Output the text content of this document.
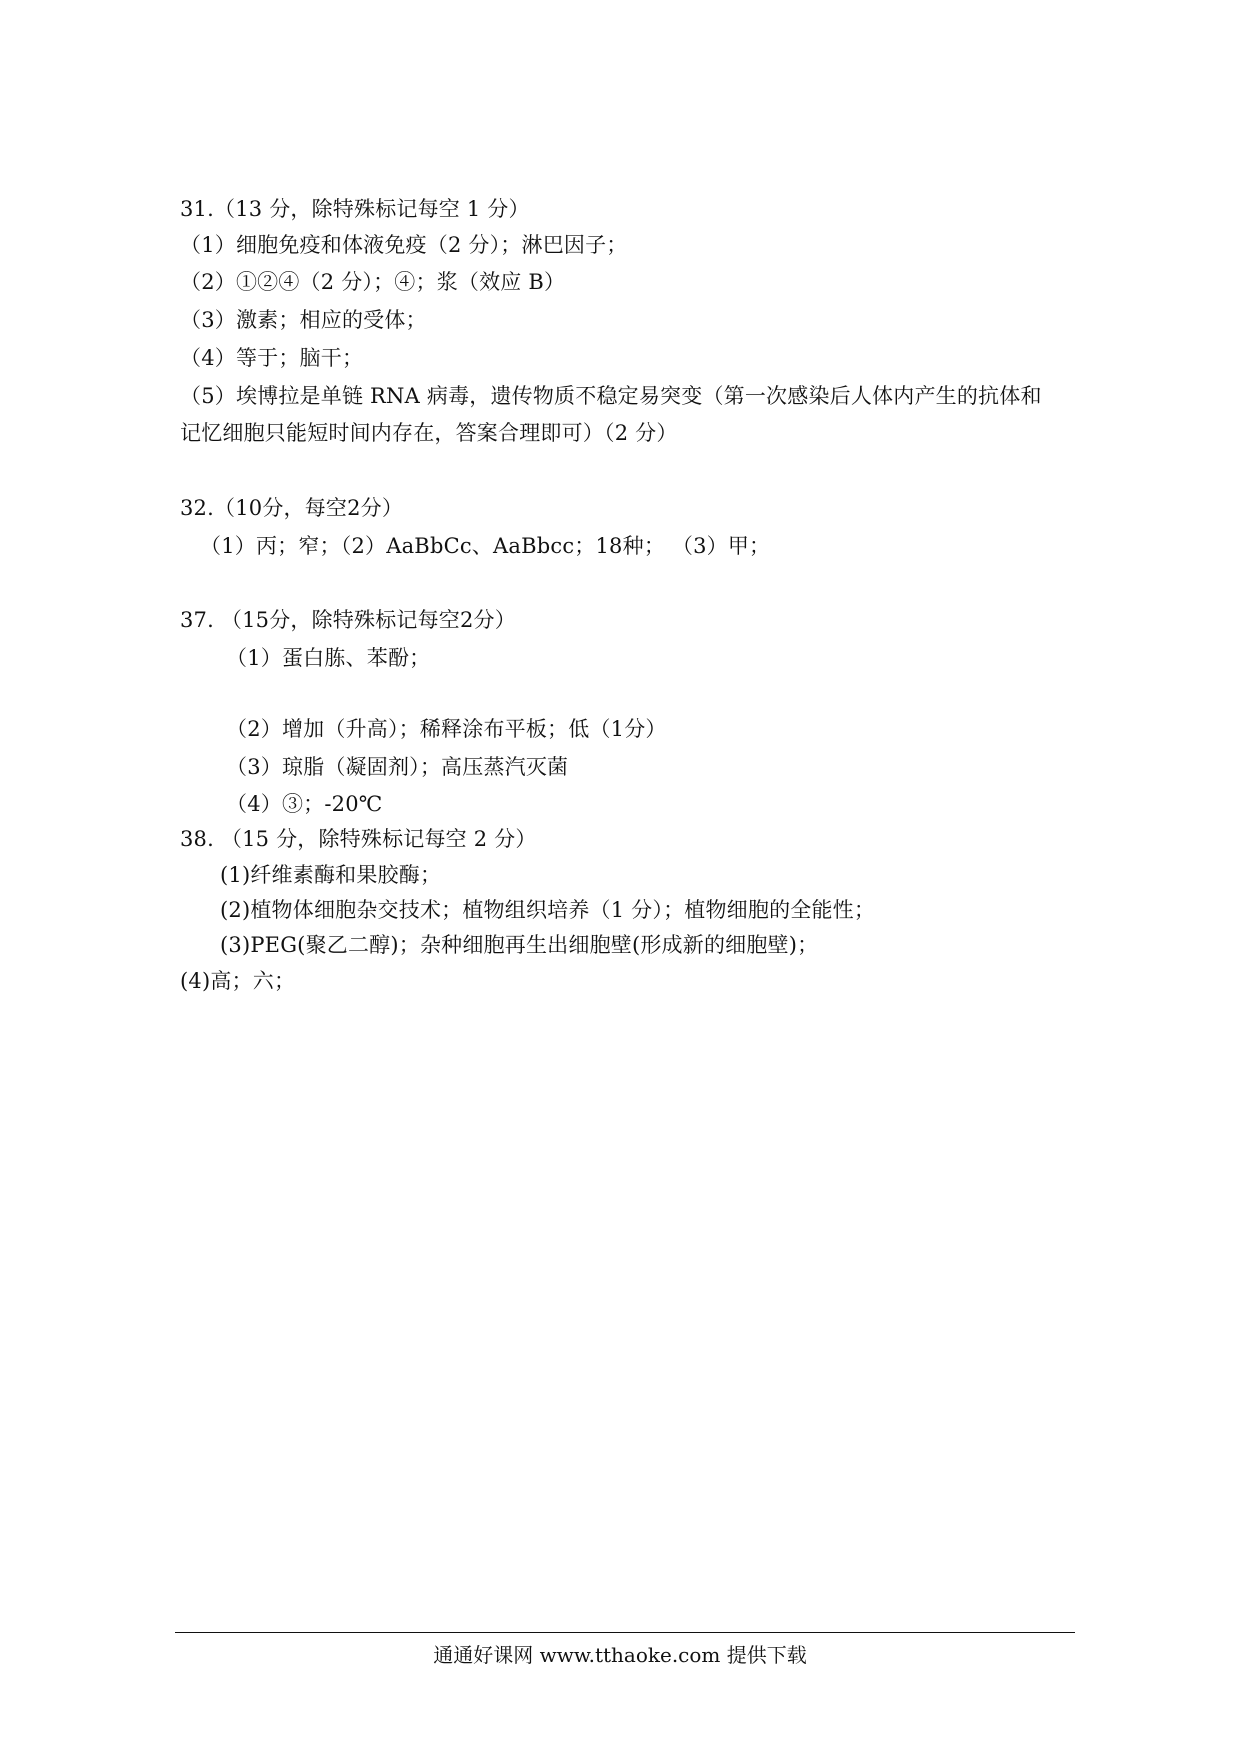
31.（13 分，除特殊标记每空 1 分）
（1）细胞免疫和体液免疫（2 分）；淋巴因子；
（2）①②④（2 分）；④；浆（效应 B）
（3）激素；相应的受体；
（4）等于；脑干；
（5）埃博拉是单链 RNA 病毒，遗传物质不稳定易突变（第一次感染后人体内产生的抗体和
记忆细胞只能短时间内存在，答案合理即可）（2 分）
32.（10分，每空2分）
（1）丙；窄；（2）AaBbCc、AaBbcc；18种； （3）甲；
37. （15分，除特殊标记每空2分）
（1）蛋白胨、苯酚；
（2）增加（升高）；稀释涂布平板；低（1分）
（3）琼脂（凝固剂）；高压蒸汽灭菌
（4）③；-20℃
38. （15 分，除特殊标记每空 2 分）
(1)纤维素酶和果胶酶；
(2)植物体细胞杂交技术；植物组织培养（1 分）；植物细胞的全能性；
(3)PEG(聚乙二醇)；杂种细胞再生出细胞壁(形成新的细胞壁)；
(4)高；六；
通通好课网 www.tthaoke.com 提供下载
